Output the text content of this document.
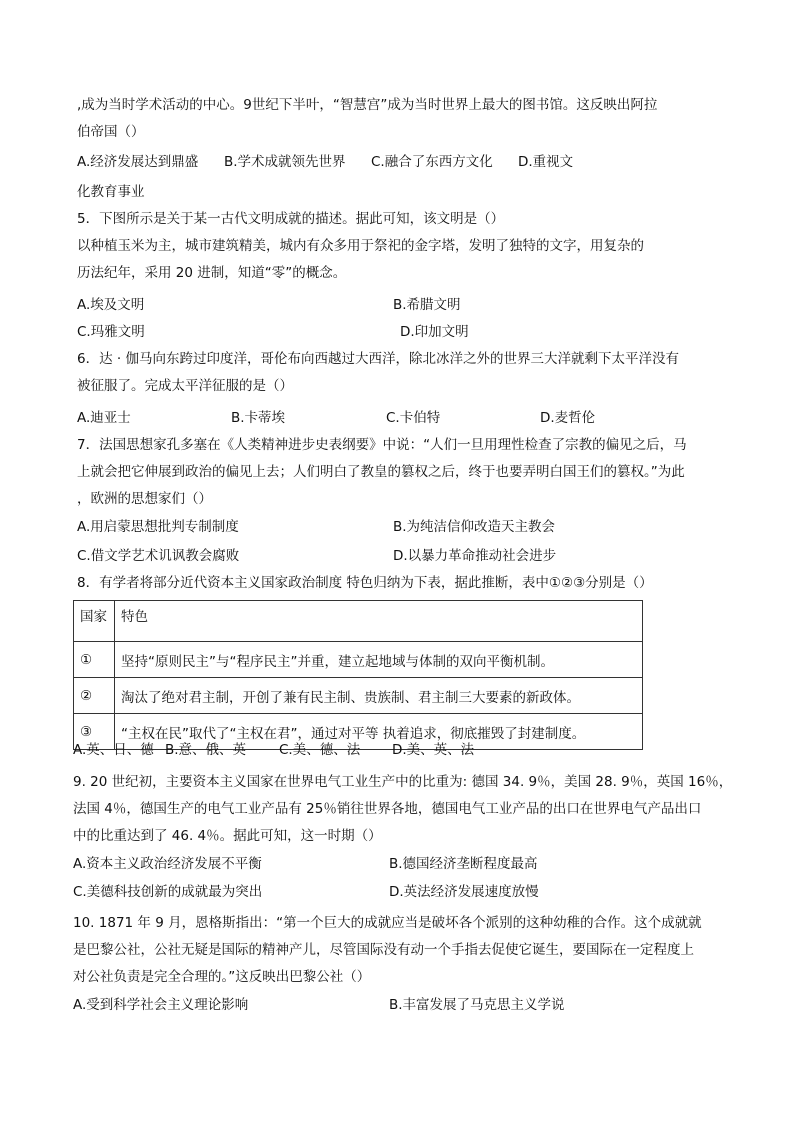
,成为当时学术活动的中心。9世纪下半叶，“智慧宫”成为当时世界上最大的图书馆。这反映出阿拉
伯帝国（）
A.经济发展达到鼎盛 B.学术成就领先世界 C.融合了东西方文化 D.重视文
化教育事业
5．下图所示是关于某一古代文明成就的描述。据此可知，该文明是（）
以种植玉米为主，城市建筑精美，城内有众多用于祭祀的金字塔，发明了独特的文字，用复杂的
历法纪年，采用 20 进制，知道“零”的概念。
A.埃及文明	B.希腊文明
C.玛雅文明	D.印加文明
6．达 · 伽马向东跨过印度洋，哥伦布向西越过大西洋，除北冰洋之外的世界三大洋就剩下太平洋没有
被征服了。完成太平洋征服的是（）
A.迪亚士	B.卡蒂埃	C.卡伯特	D.麦哲伦
7．法国思想家孔多塞在《人类精神进步史表纲要》中说：“人们一旦用理性检查了宗教的偏见之后，马
上就会把它伸展到政治的偏见上去；人们明白了教皇的篡权之后，终于也要弄明白国王们的篡权。”为此
，欧洲的思想家们（）
A.用启蒙思想批判专制制度	B.为纯洁信仰改造天主教会
C.借文学艺术讥讽教会腐败	D.以暴力革命推动社会进步
8．有学者将部分近代资本主义国家政治制度 特色归纳为下表，据此推断，表中①②③分别是（）
国家	特色
①	坚持“原则民主”与“程序民主”并重，建立起地域与体制的双向平衡机制。
②	淘汰了绝对君主制，开创了兼有民主制、贵族制、君主制三大要素的新政体。
③	“主权在民”取代了“主权在君”，通过对平等 执着追求，彻底摧毁了封建制度。
A.英、日、德 B.意、俄、英 C.美、德、法 D.美、英、法
9. 20 世纪初，主要资本主义国家在世界电气工业生产中的比重为: 德国 34. 9％，美国 28. 9％，英国 16％，
法国 4％，德国生产的电气工业产品有 25％销往世界各地，德国电气工业产品的出口在世界电气产品出口
中的比重达到了 46. 4％。据此可知，这一时期（）
A.资本主义政治经济发展不平衡	B.德国经济垄断程度最高
C.美德科技创新的成就最为突出	D.英法经济发展速度放慢
10. 1871 年 9 月，恩格斯指出：“第一个巨大的成就应当是破坏各个派别的这种幼稚的合作。这个成就就
是巴黎公社，公社无疑是国际的精神产儿，尽管国际没有动一个手指去促使它诞生，要国际在一定程度上
对公社负责是完全合理的。”这反映出巴黎公社（）
A.受到科学社会主义理论影响	B.丰富发展了马克思主义学说
